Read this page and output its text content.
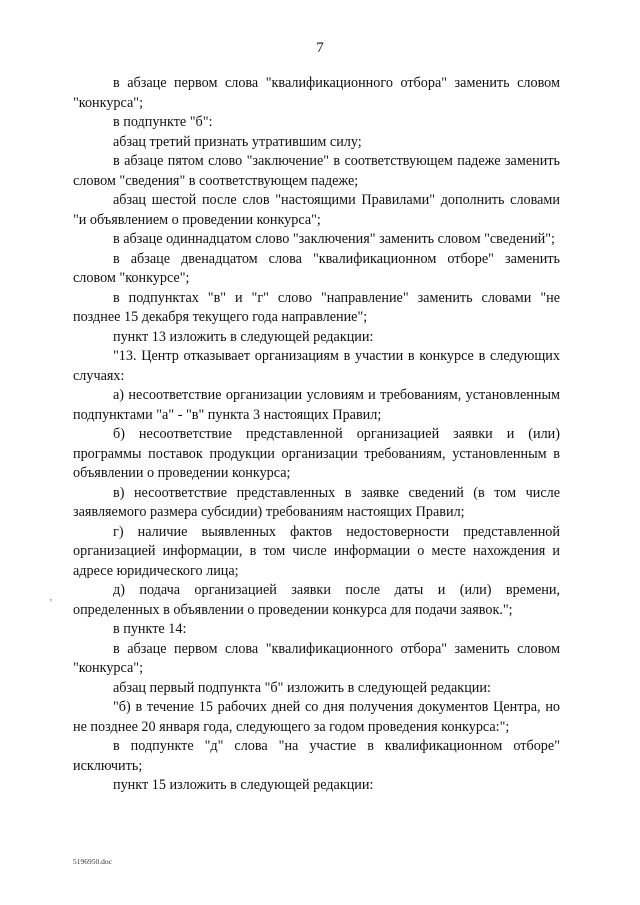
7

в абзаце первом слова "квалификационного отбора" заменить словом "конкурса";

в подпункте "б":

абзац третий признать утратившим силу;

в абзаце пятом слово "заключение" в соответствующем падеже заменить словом "сведения" в соответствующем падеже;

абзац шестой после слов "настоящими Правилами" дополнить словами "и объявлением о проведении конкурса";

в абзаце одиннадцатом слово "заключения" заменить словом "сведений";

в абзаце двенадцатом слова "квалификационном отборе" заменить словом "конкурсе";

в подпунктах "в" и "г" слово "направление" заменить словами "не позднее 15 декабря текущего года направление";

пункт 13 изложить в следующей редакции:

"13. Центр отказывает организациям в участии в конкурсе в следующих случаях:

а) несоответствие организации условиям и требованиям, установленным подпунктами "а" - "в" пункта 3 настоящих Правил;

б) несоответствие представленной организацией заявки и (или) программы поставок продукции организации требованиям, установленным в объявлении о проведении конкурса;

в) несоответствие представленных в заявке сведений (в том числе заявляемого размера субсидии) требованиям настоящих Правил;

г) наличие выявленных фактов недостоверности представленной организацией информации, в том числе информации о месте нахождения и адресе юридического лица;

д) подача организацией заявки после даты и (или) времени, определенных в объявлении о проведении конкурса для подачи заявок.";

в пункте 14:

в абзаце первом слова "квалификационного отбора" заменить словом "конкурса";

абзац первый подпункта "б" изложить в следующей редакции:

"б) в течение 15 рабочих дней со дня получения документов Центра, но не позднее 20 января года, следующего за годом проведения конкурса:";

в подпункте "д" слова "на участие в квалификационном отборе" исключить;

пункт 15 изложить в следующей редакции:

'
5196950.doc
